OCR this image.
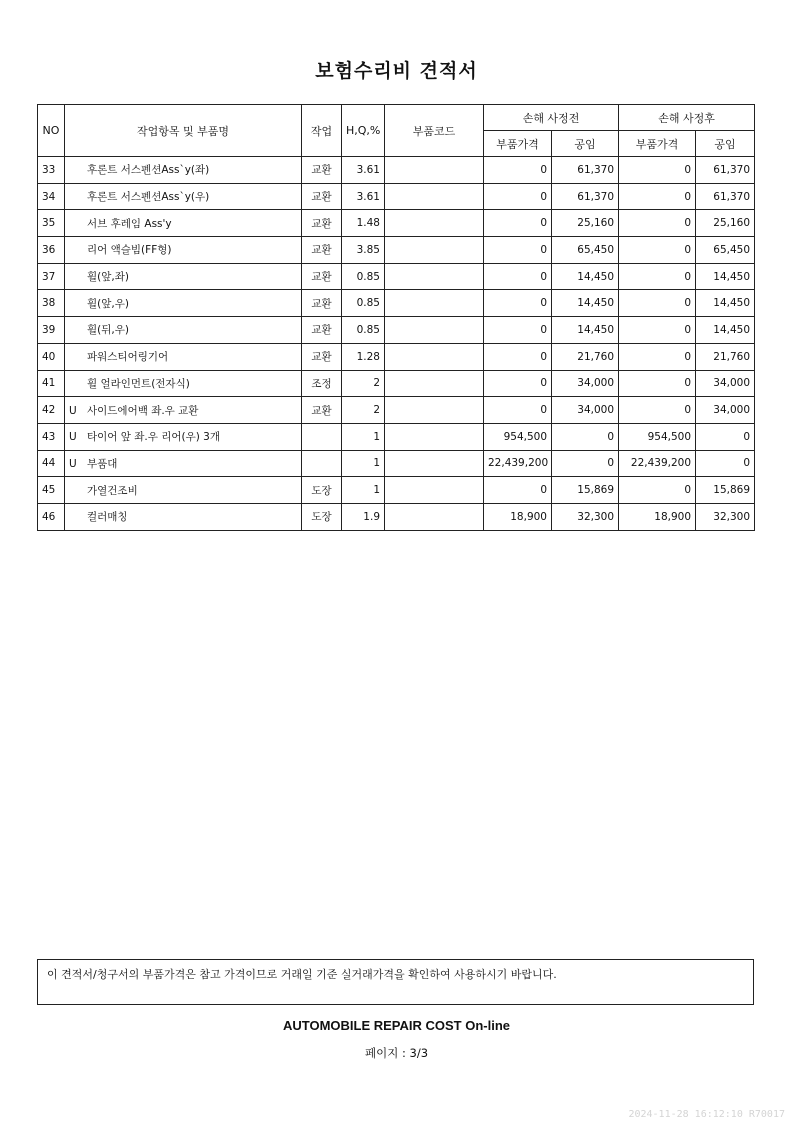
보험수리비 견적서
NO	작업항목 및 부품명	작업	H,Q,%	부품코드	손해 사정전		손해 사정후	
					부품가격	공임	부품가격	공임
33	후론트 서스펜션Ass`y(좌)	교환	3.61		0	61,370	0	61,370
34	후론트 서스펜션Ass`y(우)	교환	3.61		0	61,370	0	61,370
35	서브 후레임 Ass'y	교환	1.48		0	25,160	0	25,160
36	리어 액슬빔(FF형)	교환	3.85		0	65,450	0	65,450
37	휠(앞,좌)	교환	0.85		0	14,450	0	14,450
38	휠(앞,우)	교환	0.85		0	14,450	0	14,450
39	휠(뒤,우)	교환	0.85		0	14,450	0	14,450
40	파워스티어링기어	교환	1.28		0	21,760	0	21,760
41	휠 얼라인먼트(전자식)	조정	2		0	34,000	0	34,000
42	U 사이드에어백 좌.우 교환	교환	2		0	34,000	0	34,000
43	U 타이어 앞 좌.우 리어(우) 3개		1		954,500	0	954,500	0
44	U 부품대		1		22,439,200	0	22,439,200	0
45	가열건조비	도장	1		0	15,869	0	15,869
46	컬러매칭	도장	1.9		18,900	32,300	18,900	32,300
이 견적서/청구서의 부품가격은 참고 가격이므로 거래일 기준 실거래가격을 확인하여 사용하시기 바랍니다.
AUTOMOBILE REPAIR COST On-line
페이지 : 3/3
2024-11-28 16:12:10 R70017
